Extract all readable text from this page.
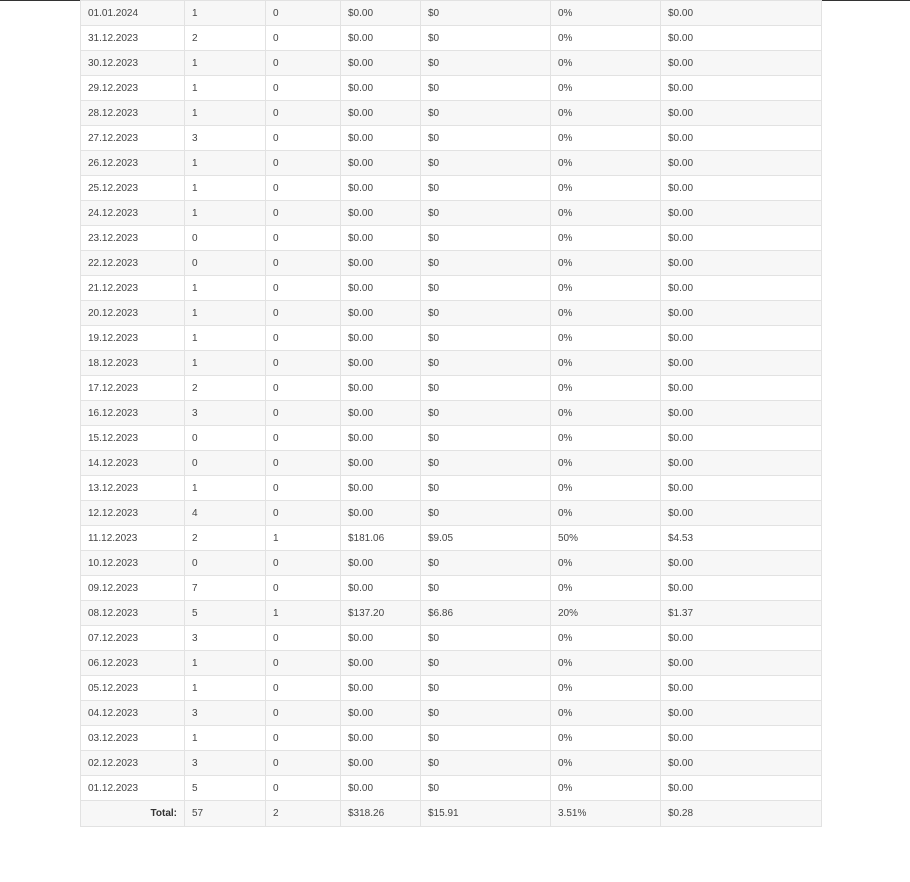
01.01.2024	1	0	$0.00	$0	0%	$0.00
31.12.2023	2	0	$0.00	$0	0%	$0.00
30.12.2023	1	0	$0.00	$0	0%	$0.00
29.12.2023	1	0	$0.00	$0	0%	$0.00
28.12.2023	1	0	$0.00	$0	0%	$0.00
27.12.2023	3	0	$0.00	$0	0%	$0.00
26.12.2023	1	0	$0.00	$0	0%	$0.00
25.12.2023	1	0	$0.00	$0	0%	$0.00
24.12.2023	1	0	$0.00	$0	0%	$0.00
23.12.2023	0	0	$0.00	$0	0%	$0.00
22.12.2023	0	0	$0.00	$0	0%	$0.00
21.12.2023	1	0	$0.00	$0	0%	$0.00
20.12.2023	1	0	$0.00	$0	0%	$0.00
19.12.2023	1	0	$0.00	$0	0%	$0.00
18.12.2023	1	0	$0.00	$0	0%	$0.00
17.12.2023	2	0	$0.00	$0	0%	$0.00
16.12.2023	3	0	$0.00	$0	0%	$0.00
15.12.2023	0	0	$0.00	$0	0%	$0.00
14.12.2023	0	0	$0.00	$0	0%	$0.00
13.12.2023	1	0	$0.00	$0	0%	$0.00
12.12.2023	4	0	$0.00	$0	0%	$0.00
11.12.2023	2	1	$181.06	$9.05	50%	$4.53
10.12.2023	0	0	$0.00	$0	0%	$0.00
09.12.2023	7	0	$0.00	$0	0%	$0.00
08.12.2023	5	1	$137.20	$6.86	20%	$1.37
07.12.2023	3	0	$0.00	$0	0%	$0.00
06.12.2023	1	0	$0.00	$0	0%	$0.00
05.12.2023	1	0	$0.00	$0	0%	$0.00
04.12.2023	3	0	$0.00	$0	0%	$0.00
03.12.2023	1	0	$0.00	$0	0%	$0.00
02.12.2023	3	0	$0.00	$0	0%	$0.00
01.12.2023	5	0	$0.00	$0	0%	$0.00
Total:	57	2	$318.26	$15.91	3.51%	$0.28
